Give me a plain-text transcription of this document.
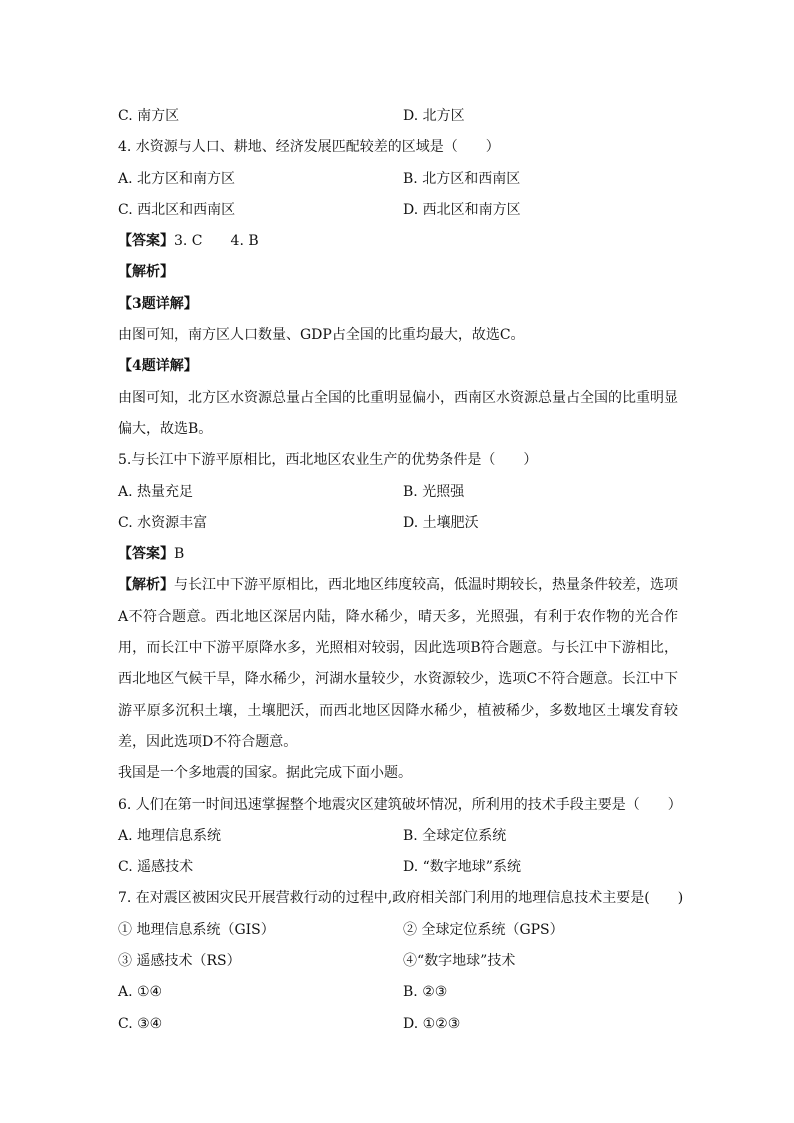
C. 南方区	D. 北方区
4. 水资源与人口、耕地、经济发展匹配较差的区域是（　　）
A. 北方区和南方区	B. 北方区和西南区
C. 西北区和西南区	D. 西北区和南方区
【答案】3. C 4. B
【解析】
【3题详解】
由图可知，南方区人口数量、GDP占全国的比重均最大，故选C。
【4题详解】
由图可知，北方区水资源总量占全国的比重明显偏小，西南区水资源总量占全国的比重明显偏大，故选B。
5.与长江中下游平原相比，西北地区农业生产的优势条件是（　　）
A. 热量充足	B. 光照强
C. 水资源丰富	D. 土壤肥沃
【答案】B
【解析】与长江中下游平原相比，西北地区纬度较高，低温时期较长，热量条件较差，选项A不符合题意。西北地区深居内陆，降水稀少，晴天多，光照强，有利于农作物的光合作用，而长江中下游平原降水多，光照相对较弱，因此选项B符合题意。与长江中下游相比，西北地区气候干旱，降水稀少，河湖水量较少，水资源较少，选项C不符合题意。长江中下游平原多沉积土壤，土壤肥沃，而西北地区因降水稀少，植被稀少，多数地区土壤发育较差，因此选项D不符合题意。
我国是一个多地震的国家。据此完成下面小题。
6. 人们在第一时间迅速掌握整个地震灾区建筑破坏情况，所利用的技术手段主要是（　　）
A. 地理信息系统	B. 全球定位系统
C. 遥感技术	D. “数字地球”系统
7. 在对震区被困灾民开展营救行动的过程中,政府相关部门利用的地理信息技术主要是(　　)
① 地理信息系统（GIS）	② 全球定位系统（GPS）
③ 遥感技术（RS）	④“数字地球”技术
A. ①④	B. ②③
C. ③④	D. ①②③
